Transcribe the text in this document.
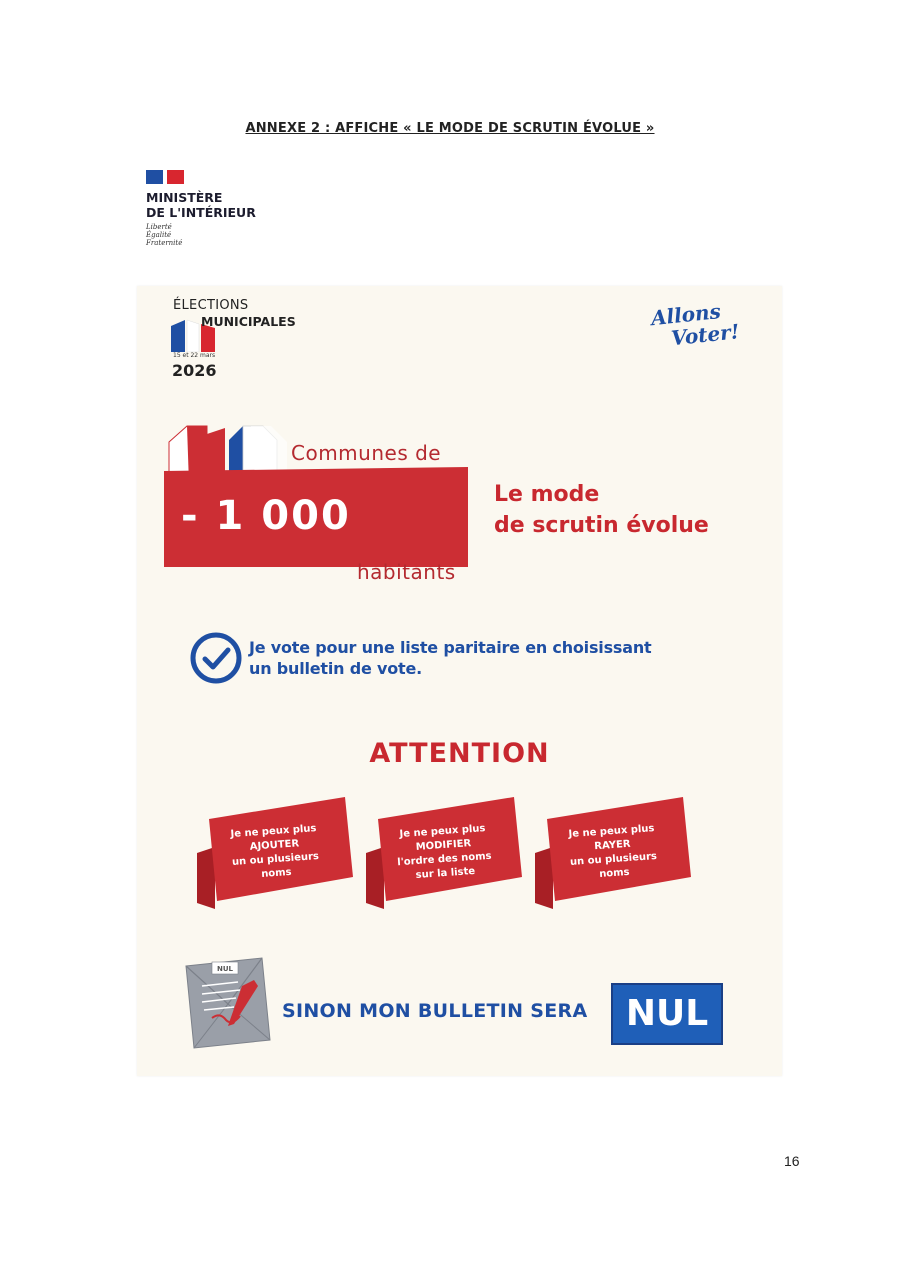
ANNEXE 2 : AFFICHE « LE MODE DE SCRUTIN ÉVOLUE »
MINISTÈRE
DE L'INTÉRIEUR
Liberté
Égalité
Fraternité
ÉLECTIONS
MUNICIPALES
15 et 22 mars
2026
Allons
Voter!
Communes de
- 1 000
habitants
Le mode
de scrutin évolue
Je vote pour une liste paritaire en choisissant
un bulletin de vote.
ATTENTION
Je ne peux plus
AJOUTER
un ou plusieurs
noms
Je ne peux plus
MODIFIER
l'ordre des noms
sur la liste
Je ne peux plus
RAYER
un ou plusieurs
noms
NUL
SINON MON BULLETIN SERA	NUL
16
